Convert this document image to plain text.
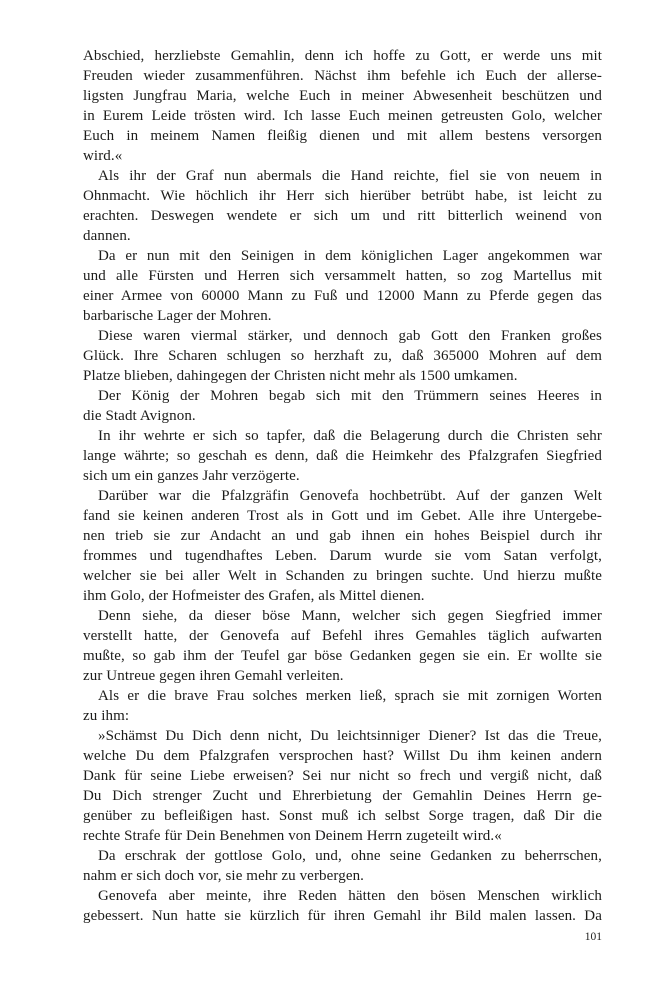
Abschied, herzliebste Gemahlin, denn ich hoffe zu Gott, er werde uns mit
Freuden wieder zusammenführen. Nächst ihm befehle ich Euch der allerse-
ligsten Jungfrau Maria, welche Euch in meiner Abwesenheit beschützen und
in Eurem Leide trösten wird. Ich lasse Euch meinen getreusten Golo, welcher
Euch in meinem Namen fleißig dienen und mit allem bestens versorgen
wird.«
Als ihr der Graf nun abermals die Hand reichte, fiel sie von neuem in
Ohnmacht. Wie höchlich ihr Herr sich hierüber betrübt habe, ist leicht zu
erachten. Deswegen wendete er sich um und ritt bitterlich weinend von
dannen.
Da er nun mit den Seinigen in dem königlichen Lager angekommen war
und alle Fürsten und Herren sich versammelt hatten, so zog Martellus mit
einer Armee von 60000 Mann zu Fuß und 12000 Mann zu Pferde gegen das
barbarische Lager der Mohren.
Diese waren viermal stärker, und dennoch gab Gott den Franken großes
Glück. Ihre Scharen schlugen so herzhaft zu, daß 365000 Mohren auf dem
Platze blieben, dahingegen der Christen nicht mehr als 1500 umkamen.
Der König der Mohren begab sich mit den Trümmern seines Heeres in
die Stadt Avignon.
In ihr wehrte er sich so tapfer, daß die Belagerung durch die Christen sehr
lange währte; so geschah es denn, daß die Heimkehr des Pfalzgrafen Siegfried
sich um ein ganzes Jahr verzögerte.
Darüber war die Pfalzgräfin Genovefa hochbetrübt. Auf der ganzen Welt
fand sie keinen anderen Trost als in Gott und im Gebet. Alle ihre Untergebe-
nen trieb sie zur Andacht an und gab ihnen ein hohes Beispiel durch ihr
frommes und tugendhaftes Leben. Darum wurde sie vom Satan verfolgt,
welcher sie bei aller Welt in Schanden zu bringen suchte. Und hierzu mußte
ihm Golo, der Hofmeister des Grafen, als Mittel dienen.
Denn siehe, da dieser böse Mann, welcher sich gegen Siegfried immer
verstellt hatte, der Genovefa auf Befehl ihres Gemahles täglich aufwarten
mußte, so gab ihm der Teufel gar böse Gedanken gegen sie ein. Er wollte sie
zur Untreue gegen ihren Gemahl verleiten.
Als er die brave Frau solches merken ließ, sprach sie mit zornigen Worten
zu ihm:
»Schämst Du Dich denn nicht, Du leichtsinniger Diener? Ist das die Treue,
welche Du dem Pfalzgrafen versprochen hast? Willst Du ihm keinen andern
Dank für seine Liebe erweisen? Sei nur nicht so frech und vergiß nicht, daß
Du Dich strenger Zucht und Ehrerbietung der Gemahlin Deines Herrn ge-
genüber zu befleißigen hast. Sonst muß ich selbst Sorge tragen, daß Dir die
rechte Strafe für Dein Benehmen von Deinem Herrn zugeteilt wird.«
Da erschrak der gottlose Golo, und, ohne seine Gedanken zu beherrschen,
nahm er sich doch vor, sie mehr zu verbergen.
Genovefa aber meinte, ihre Reden hätten den bösen Menschen wirklich
gebessert. Nun hatte sie kürzlich für ihren Gemahl ihr Bild malen lassen. Da
101
